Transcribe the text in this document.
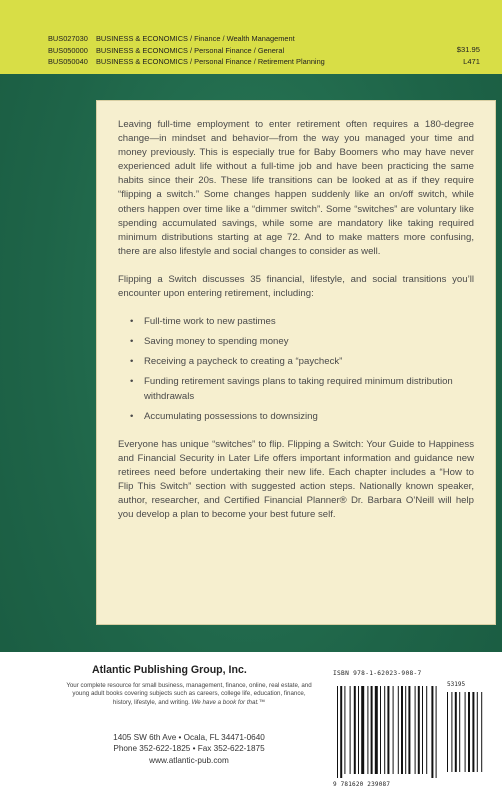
BUS027030 BUSINESS & ECONOMICS / Finance / Wealth Management
BUS050000 BUSINESS & ECONOMICS / Personal Finance / General
BUS050040 BUSINESS & ECONOMICS / Personal Finance / Retirement Planning
$31.95
L471

Leaving full-time employment to enter retirement often requires a 180-degree change—in mindset and behavior—from the way you managed your time and money previously. This is especially true for Baby Boomers who may have never experienced adult life without a full-time job and have been practicing the same habits since their 20s. These life transitions can be looked at as if they require “flipping a switch.” Some changes happen suddenly like an on/off switch, while others happen over time like a “dimmer switch”. Some “switches” are voluntary like spending accumulated savings, while some are mandatory like taking required minimum distributions starting at age 72. And to make matters more confusing, there are also lifestyle and social changes to consider as well.

Flipping a Switch discusses 35 financial, lifestyle, and social transitions you’ll encounter upon entering retirement, including:

• Full-time work to new pastimes
• Saving money to spending money
• Receiving a paycheck to creating a “paycheck”
• Funding retirement savings plans to taking required minimum distribution withdrawals
• Accumulating possessions to downsizing

Everyone has unique “switches” to flip. Flipping a Switch: Your Guide to Happiness and Financial Security in Later Life offers important information and guidance new retirees need before undertaking their new life. Each chapter includes a “How to Flip This Switch” section with suggested action steps. Nationally known speaker, author, researcher, and Certified Financial Planner® Dr. Barbara O’Neill will help you develop a plan to become your best future self.

Atlantic Publishing Group, Inc.
Your complete resource for small business, management, finance, online, real estate, and young adult books covering subjects such as careers, college life, education, finance, history, lifestyle, and writing. We have a book for that.™
1405 SW 6th Ave • Ocala, FL 34471-0640
Phone 352-622-1825 • Fax 352-622-1875
www.atlantic-pub.com
ISBN 978-1-62023-908-7
53195
9 781620 239087
